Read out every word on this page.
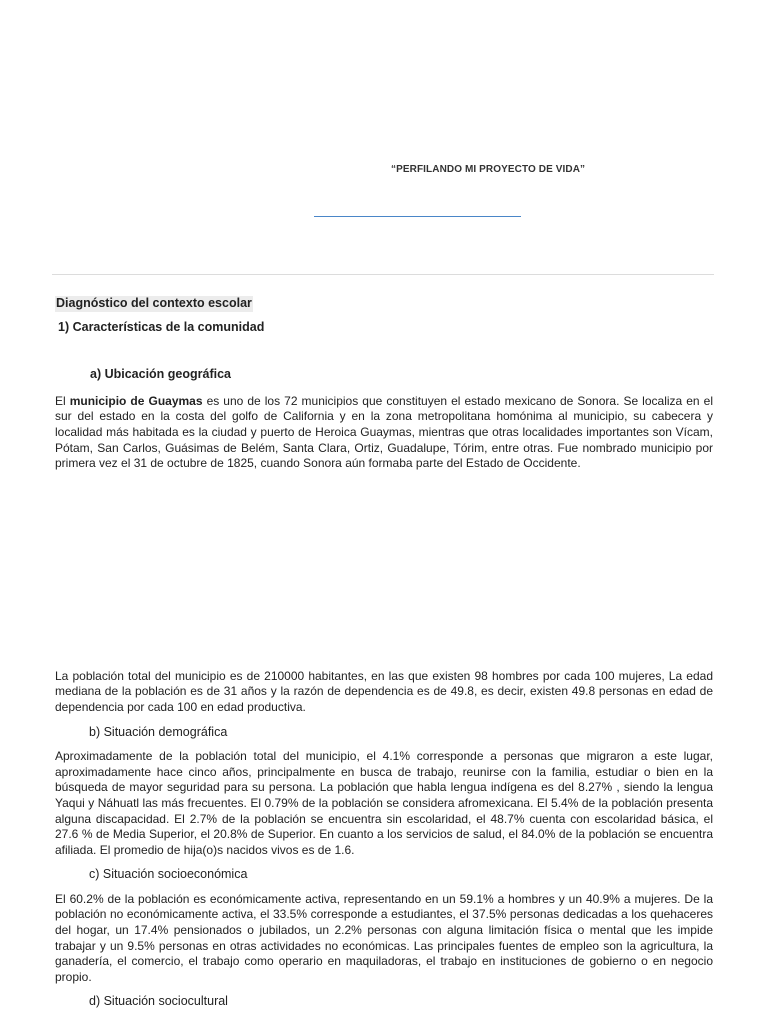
“PERFILANDO MI PROYECTO DE VIDA”
Diagnóstico del contexto escolar
1) Características de la comunidad
a) Ubicación geográfica

El municipio de Guaymas es uno de los 72 municipios que constituyen el estado mexicano de Sonora. Se localiza en el sur del estado en la costa del golfo de California y en la zona metropolitana homónima al municipio, su cabecera y localidad más habitada es la ciudad y puerto de Heroica Guaymas, mientras que otras localidades importantes son Vícam, Pótam, San Carlos, Guásimas de Belém, Santa Clara, Ortiz, Guadalupe, Tórim, entre otras. Fue nombrado municipio por primera vez el 31 de octubre de 1825, cuando Sonora aún formaba parte del Estado de Occidente.

La población total del municipio es de 210000 habitantes, en las que existen 98 hombres por cada 100 mujeres, La edad mediana de la población es de 31 años y la razón de dependencia es de 49.8, es decir, existen 49.8 personas en edad de dependencia por cada 100 en edad productiva.

b) Situación demográfica

Aproximadamente de la población total del municipio, el 4.1% corresponde a personas que migraron a este lugar, aproximadamente hace cinco años, principalmente en busca de trabajo, reunirse con la familia, estudiar o bien en la búsqueda de mayor seguridad para su persona. La población que habla lengua indígena es del 8.27% , siendo la lengua Yaqui y Náhuatl las más frecuentes. El 0.79% de la población se considera afromexicana. El 5.4% de la población presenta alguna discapacidad. El 2.7% de la población se encuentra sin escolaridad, el 48.7% cuenta con escolaridad básica, el 27.6 % de Media Superior, el 20.8% de Superior. En cuanto a los servicios de salud, el 84.0% de la población se encuentra afiliada. El promedio de hija(o)s nacidos vivos es de 1.6.

c) Situación socioeconómica

El 60.2% de la población es económicamente activa, representando en un 59.1% a hombres y un 40.9% a mujeres. De la población no económicamente activa, el 33.5% corresponde a estudiantes, el 37.5% personas dedicadas a los quehaceres del hogar, un 17.4% pensionados o jubilados, un 2.2% personas con alguna limitación física o mental que les impide trabajar y un 9.5% personas en otras actividades no económicas. Las principales fuentes de empleo son la agricultura, la ganadería, el comercio, el trabajo como operario en maquiladoras, el trabajo en instituciones de gobierno o en negocio propio.

d) Situación sociocultural
